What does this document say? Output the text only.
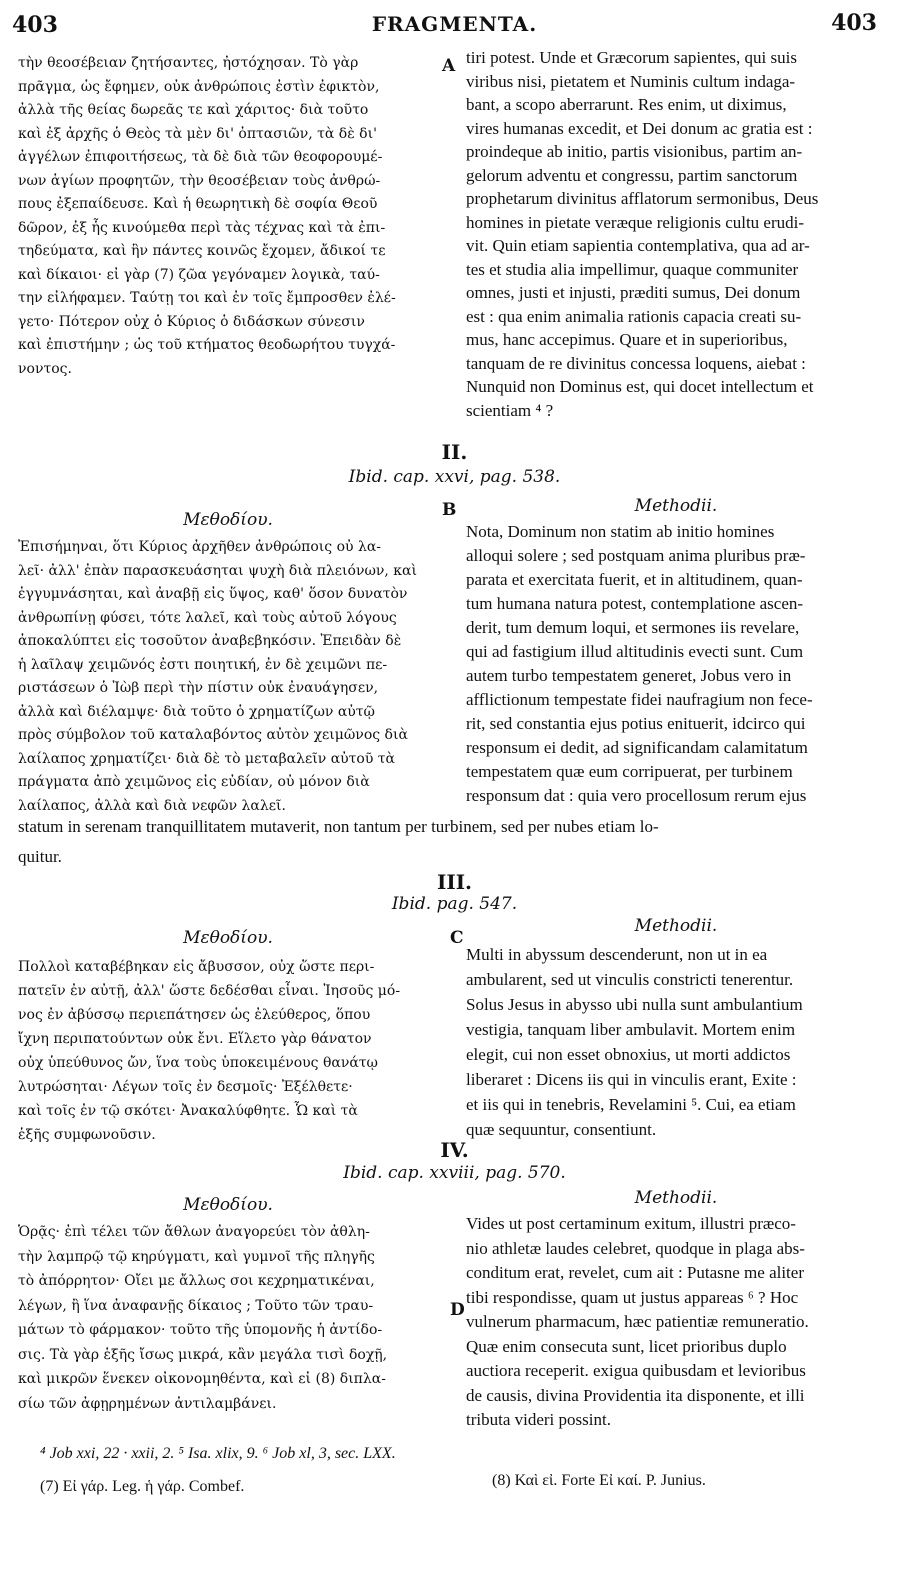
403	FRAGMENTA.	403
τὴν θεοσέβειαν ζητήσαντες, ἠστόχησαν. Τὸ γὰρ
πρᾶγμα, ὡς ἔφημεν, οὐκ ἀνθρώποις ἐστὶν ἐφικτὸν,
ἀλλὰ τῆς θείας δωρεᾶς τε καὶ χάριτος· διὰ τοῦτο
καὶ ἐξ ἀρχῆς ὁ Θεὸς τὰ μὲν δι' ὀπτασιῶν, τὰ δὲ δι'
ἀγγέλων ἐπιφοιτήσεως, τὰ δὲ διὰ τῶν θεοφορουμέ-
νων ἁγίων προφητῶν, τὴν θεοσέβειαν τοὺς ἀνθρώ-
πους ἐξεπαίδευσε. Καὶ ἡ θεωρητικὴ δὲ σοφία Θεοῦ
δῶρον, ἐξ ἧς κινούμεθα περὶ τὰς τέχνας καὶ τὰ ἐπι-
τηδεύματα, καὶ ἣν πάντες κοινῶς ἔχομεν, ἄδικοί τε
καὶ δίκαιοι· εἰ γὰρ (7) ζῶα γεγόναμεν λογικὰ, ταύ-
την εἰλήφαμεν. Ταύτῃ τοι καὶ ἐν τοῖς ἔμπροσθεν ἐλέ-
γετο· Πότερον οὐχ ὁ Κύριος ὁ διδάσκων σύνεσιν
καὶ ἐπιστήμην ; ὡς τοῦ κτήματος θεοδωρήτου τυγχά-
νοντος.
A tiri potest. Unde et Græcorum sapientes, qui suis
viribus nisi, pietatem et Numinis cultum indaga-
bant, a scopo aberrarunt. Res enim, ut diximus,
vires humanas excedit, et Dei donum ac gratia est :
proindeque ab initio, partis visionibus, partim an-
gelorum adventu et congressu, partim sanctorum
prophetarum divinitus afflatorum sermonibus, Deus
homines in pietate veræque religionis cultu erudi-
vit. Quin etiam sapientia contemplativa, qua ad ar-
tes et studia alia impellimur, quaque communiter
omnes, justi et injusti, præditi sumus, Dei donum
est : qua enim animalia rationis capacia creati su-
mus, hanc accepimus. Quare et in superioribus,
tanquam de re divinitus concessa loquens, aiebat :
Nunquid non Dominus est, qui docet intellectum et
scientiam ⁴ ?
II.
Ibid. cap. xxvi, pag. 538.
Μεθοδίου.	B	Methodii.
Ἐπισήμηναι, ὅτι Κύριος ἀρχῆθεν ἀνθρώποις οὐ λα-
λεῖ· ἀλλ' ἐπὰν παρασκευάσηται ψυχὴ διὰ πλειόνων, καὶ
ἐγγυμνάσηται, καὶ ἀναβῇ εἰς ὕψος, καθ' ὅσον δυνατὸν
ἀνθρωπίνῃ φύσει, τότε λαλεῖ, καὶ τοὺς αὐτοῦ λόγους
ἀποκαλύπτει εἰς τοσοῦτον ἀναβεβηκόσιν. Ἐπειδὰν δὲ
ἡ λαῖλαψ χειμῶνός ἐστι ποιητική, ἐν δὲ χειμῶνι πε-
ριστάσεων ὁ Ἰὼβ περὶ τὴν πίστιν οὐκ ἐναυάγησεν,
ἀλλὰ καὶ διέλαμψε· διὰ τοῦτο ὁ χρηματίζων αὐτῷ
πρὸς σύμβολον τοῦ καταλαβόντος αὐτὸν χειμῶνος διὰ
λαίλαπος χρηματίζει· διὰ δὲ τὸ μεταβαλεῖν αὐτοῦ τὰ
πράγματα ἀπὸ χειμῶνος εἰς εὐδίαν, οὐ μόνον διὰ
λαίλαπος, ἀλλὰ καὶ διὰ νεφῶν λαλεῖ.
Nota, Dominum non statim ab initio homines
alloqui solere ; sed postquam anima pluribus præ-
parata et exercitata fuerit, et in altitudinem, quan-
tum humana natura potest, contemplatione ascen-
derit, tum demum loqui, et sermones iis revelare,
qui ad fastigium illud altitudinis evecti sunt. Cum
autem turbo tempestatem generet, Jobus vero in
afflictionum tempestate fidei naufragium non fece-
rit, sed constantia ejus potius enituerit, idcirco qui
responsum ei dedit, ad significandam calamitatum
tempestatem quæ eum corripuerat, per turbinem
responsum dat : quia vero procellosum rerum ejus
statum in serenam tranquillitatem mutaverit, non tantum per turbinem, sed per nubes etiam lo-
quitur.
III.
Ibid. pag. 547.
Μεθοδίου.	C
Methodii.
Πολλοὶ καταβέβηκαν εἰς ἄβυσσον, οὐχ ὥστε περι-
πατεῖν ἐν αὐτῇ, ἀλλ' ὥστε δεδέσθαι εἶναι. Ἰησοῦς μό-
νος ἐν ἀβύσσῳ περιεπάτησεν ὡς ἐλεύθερος, ὅπου
ἴχνη περιπατούντων οὐκ ἔνι. Εἵλετο γὰρ θάνατον
οὐχ ὑπεύθυνος ὤν, ἵνα τοὺς ὑποκειμένους θανάτῳ
λυτρώσηται· Λέγων τοῖς ἐν δεσμοῖς· Ἐξέλθετε·
καὶ τοῖς ἐν τῷ σκότει· Ἀνακαλύφθητε. Ὧ καὶ τὰ
ἑξῆς συμφωνοῦσιν.
Multi in abyssum descenderunt, non ut in ea
ambularent, sed ut vinculis constricti tenerentur.
Solus Jesus in abysso ubi nulla sunt ambulantium
vestigia, tanquam liber ambulavit. Mortem enim
elegit, cui non esset obnoxius, ut morti addictos
liberaret : Dicens iis qui in vinculis erant, Exite :
et iis qui in tenebris, Revelamini ⁵. Cui, ea etiam
quæ sequuntur, consentiunt.
IV.
Ibid. cap. xxviii, pag. 570.
Μεθοδίου.	Methodii.
D
Ὁρᾷς· ἐπὶ τέλει τῶν ἄθλων ἀναγορεύει τὸν ἀθλη-
τὴν λαμπρῷ τῷ κηρύγματι, καὶ γυμνοῖ τῆς πληγῆς
τὸ ἀπόρρητον· Οἴει με ἄλλως σοι κεχρηματικέναι,
λέγων, ἢ ἵνα ἀναφανῇς δίκαιος ; Τοῦτο τῶν τραυ-
μάτων τὸ φάρμακον· τοῦτο τῆς ὑπομονῆς ἡ ἀντίδο-
σις. Τὰ γὰρ ἑξῆς ἴσως μικρά, κἂν μεγάλα τισὶ δοχῇ,
καὶ μικρῶν ἕνεκεν οἰκονομηθέντα, καὶ εἰ (8) διπλα-
σίω τῶν ἀφῃρημένων ἀντιλαμβάνει.
Vides ut post certaminum exitum, illustri præco-
nio athletæ laudes celebret, quodque in plaga abs-
conditum erat, revelet, cum ait : Putasne me aliter
tibi respondisse, quam ut justus appareas ⁶ ? Hoc
vulnerum pharmacum, hæc patientiæ remuneratio.
Quæ enim consecuta sunt, licet prioribus duplo
auctiora receperit. exigua quibusdam et levioribus
de causis, divina Providentia ita disponente, et illi
tributa videri possint.
⁴ Job xxi, 22 · xxii, 2. ⁵ Isa. xlix, 9. ⁶ Job xl, 3, sec. LXX.
(7) Εἰ γάρ. Leg. ἡ γάρ. Combef.	(8) Καὶ εἰ. Forte Εἰ καί. P. Junius.
